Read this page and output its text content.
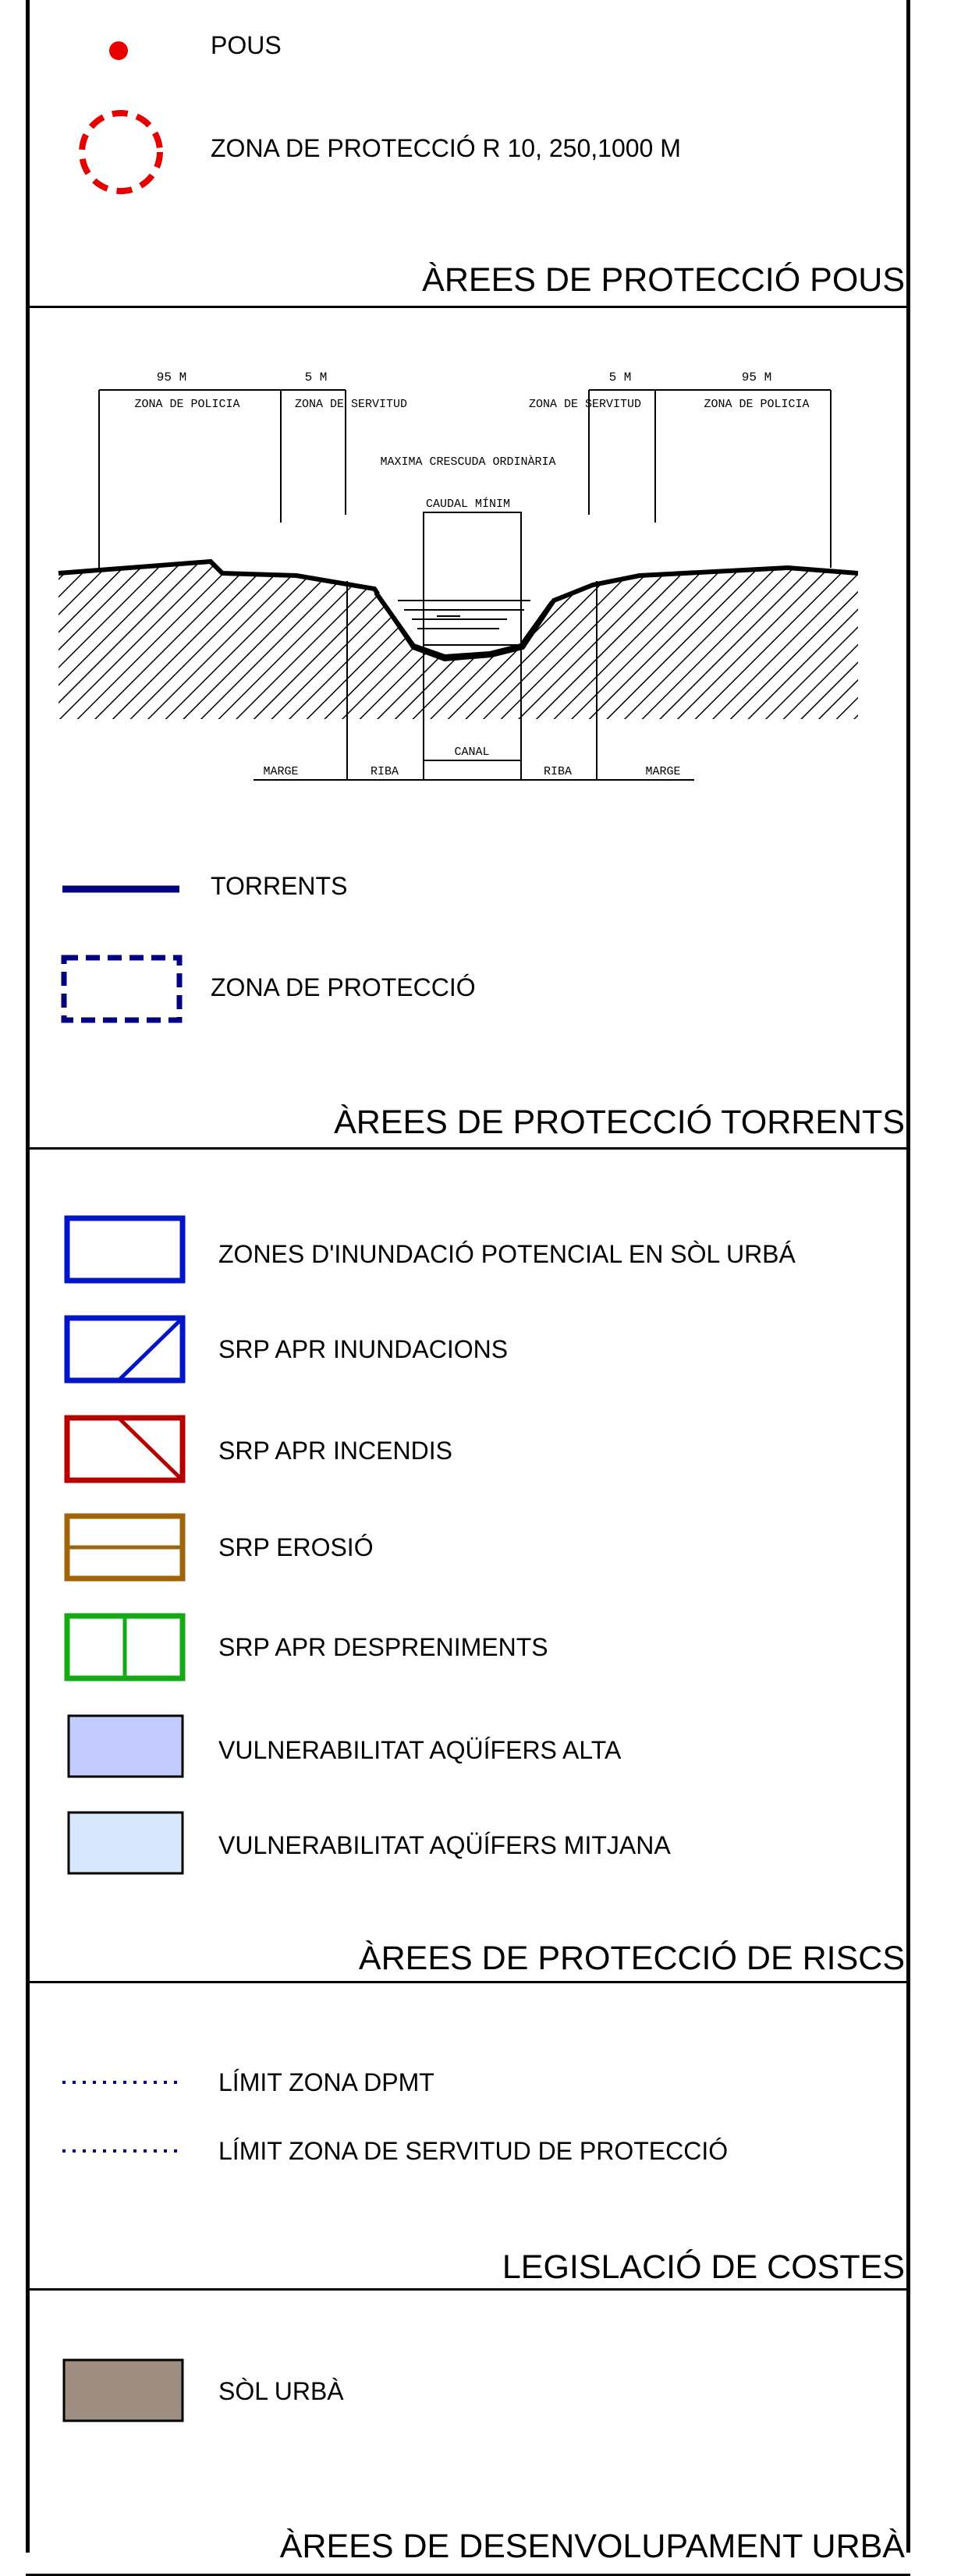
POUS
ZONA DE PROTECCIÓ R 10, 250,1000 M
ÀREES DE PROTECCIÓ POUS
95 M
ZONA DE POLICIA
5 M
ZONA DE SERVITUD
5 M
ZONA DE SERVITUD
95 M
ZONA DE POLICIA
MAXIMA CRESCUDA ORDINÀRIA
CAUDAL MÍNIM
MARGE	RIBA
CANAL
RIBA	MARGE
TORRENTS
ZONA DE PROTECCIÓ
ÀREES DE PROTECCIÓ TORRENTS
ZONES D'INUNDACIÓ POTENCIAL EN SÒL URBÁ
SRP APR INUNDACIONS
SRP APR INCENDIS
SRP EROSIÓ
SRP APR DESPRENIMENTS
VULNERABILITAT AQÜÍFERS ALTA
VULNERABILITAT AQÜÍFERS MITJANA
ÀREES DE PROTECCIÓ DE RISCS
LÍMIT ZONA DPMT
LÍMIT ZONA DE SERVITUD DE PROTECCIÓ
LEGISLACIÓ DE COSTES
SÒL URBÀ
ÀREES DE DESENVOLUPAMENT URBÀ
